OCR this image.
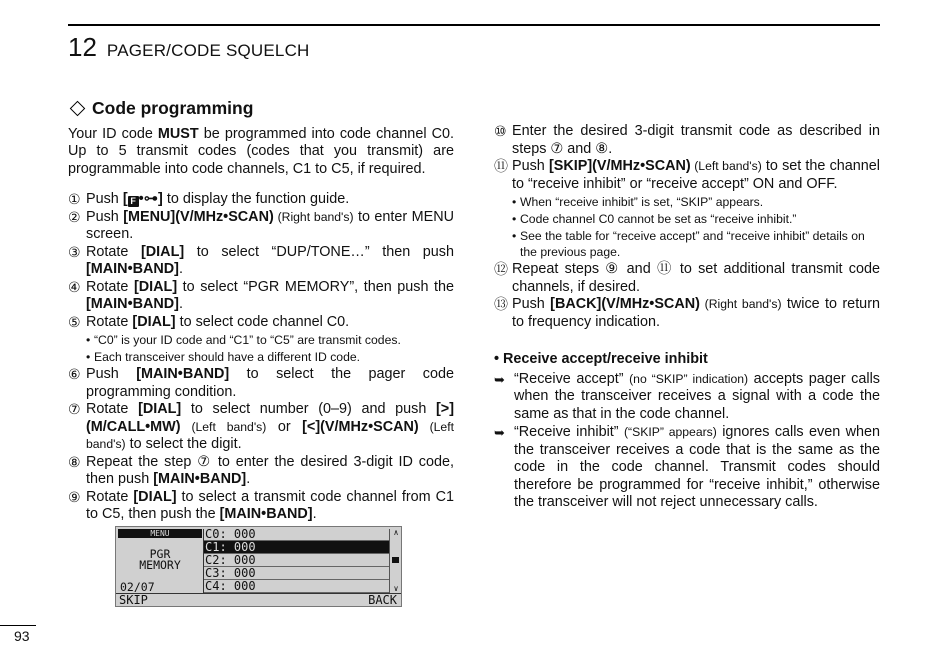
12 PAGER/CODE SQUELCH
Code programming

Your ID code MUST be programmed into code channel C0. Up to 5 transmit codes (codes that you transmit) are programmable into code channels, C1 to C5, if required.

① Push [ F •⊶] to display the function guide.
② Push [MENU](V/MHz•SCAN) (Right band's) to enter MENU screen.
③ Rotate [DIAL] to select “DUP/TONE…” then push [MAIN•BAND].
④ Rotate [DIAL] to select “PGR MEMORY”, then push the [MAIN•BAND].
⑤ Rotate [DIAL] to select code channel C0.
• “C0” is your ID code and “C1” to “C5” are transmit codes.
• Each transceiver should have a different ID code.
⑥ Push [MAIN•BAND] to select the pager code programming condition.
⑦ Rotate [DIAL] to select number (0–9) and push [>](M/CALL•MW) (Left band's) or [<](V/MHz•SCAN) (Left band's) to select the digit.
⑧ Repeat the step ⑦ to enter the desired 3-digit ID code, then push [MAIN•BAND].
⑨ Rotate [DIAL] to select a transmit code channel from C1 to C5, then push the [MAIN•BAND].
MENU
PGR
MEMORY
02/07
C0: 000
C1: 000
C2: 000
C3: 000
C4: 000
∧
∨
SKIP	BACK
⑩ Enter the desired 3-digit transmit code as described in steps ⑦ and ⑧.
⑪ Push [SKIP](V/MHz•SCAN) (Left band's) to set the channel to “receive inhibit” or “receive accept” ON and OFF.
• When “receive inhibit” is set, “SKIP” appears.
• Code channel C0 cannot be set as “receive inhibit.”
• See the table for “receive accept” and “receive inhibit” details on the previous page.
⑫ Repeat steps ⑨ and ⑪ to set additional transmit code channels, if desired.
⑬ Push [BACK](V/MHz•SCAN) (Right band's) twice to return to frequency indication.
• Receive accept/receive inhibit
➥ “Receive accept” (no “SKIP” indication) accepts pager calls when the transceiver receives a signal with a code the same as that in the code channel.
➥ “Receive inhibit” (“SKIP” appears) ignores calls even when the transceiver receives a code that is the same as the code in the code channel. Transmit codes should therefore be programmed for “receive inhibit,” otherwise the transceiver will not reject unnecessary calls.
93
